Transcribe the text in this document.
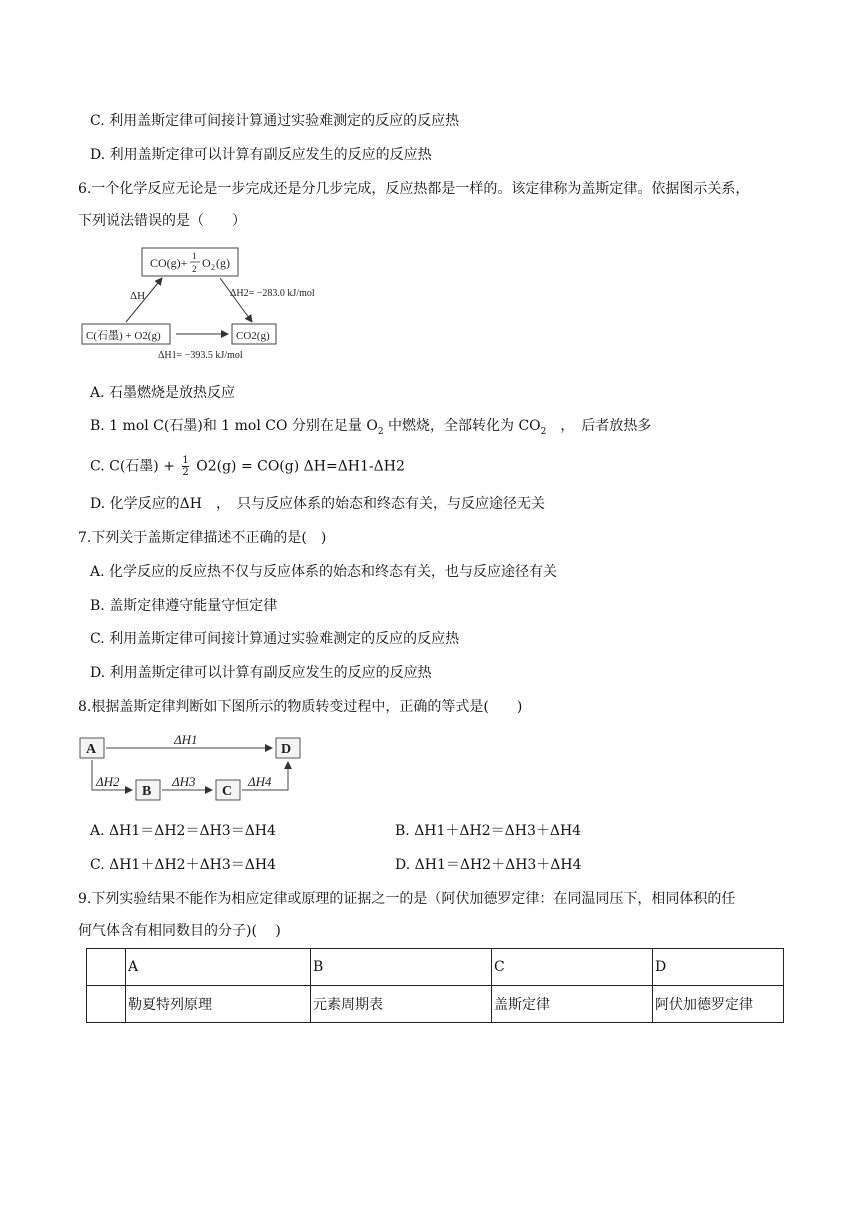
C. 利用盖斯定律可间接计算通过实验难测定的反应的反应热
D. 利用盖斯定律可以计算有副反应发生的反应的反应热
6.一个化学反应无论是一步完成还是分几步完成，反应热都是一样的。该定律称为盖斯定律。依据图示关系，
下列说法错误的是（　　）
CO(g)+ 1
2 O 2 (g)
C(石墨) + O2(g)	CO2(g)
ΔH	ΔH2= −283.0 kJ/mol
ΔH1= −393.5 kJ/mol
A. 石墨燃烧是放热反应
B. 1 mol C(石墨)和 1 mol CO 分别在足量 $O_2$ 中燃烧，全部转化为 $CO_2$　，　后者放热多
C. C(石墨) + $\frac{1}{2} O2(g) = CO(g)$ ΔH=ΔH1-ΔH2
D. 化学反应的ΔH　，　只与反应体系的始态和终态有关，与反应途径无关
7.下列关于盖斯定律描述不正确的是(　)
A. 化学反应的反应热不仅与反应体系的始态和终态有关，也与反应途径有关
B. 盖斯定律遵守能量守恒定律
C. 利用盖斯定律可间接计算通过实验难测定的反应的反应热
D. 利用盖斯定律可以计算有副反应发生的反应的反应热
8.根据盖斯定律判断如下图所示的物质转变过程中，正确的等式是(　　)
A	D
B	C
ΔH1
ΔH2	ΔH3	ΔH4
A. ΔH1＝ΔH2＝ΔH3＝ΔH4	B. ΔH1＋ΔH2＝ΔH3＋ΔH4
C. ΔH1＋ΔH2＋ΔH3＝ΔH4	D. ΔH1＝ΔH2＋ΔH3＋ΔH4
9.下列实验结果不能作为相应定律或原理的证据之一的是（阿伏加德罗定律：在同温同压下，相同体积的任
何气体含有相同数目的分子)(　 )
	A	B	C	D
	勒夏特列原理	元素周期表	盖斯定律	阿伏加德罗定律
